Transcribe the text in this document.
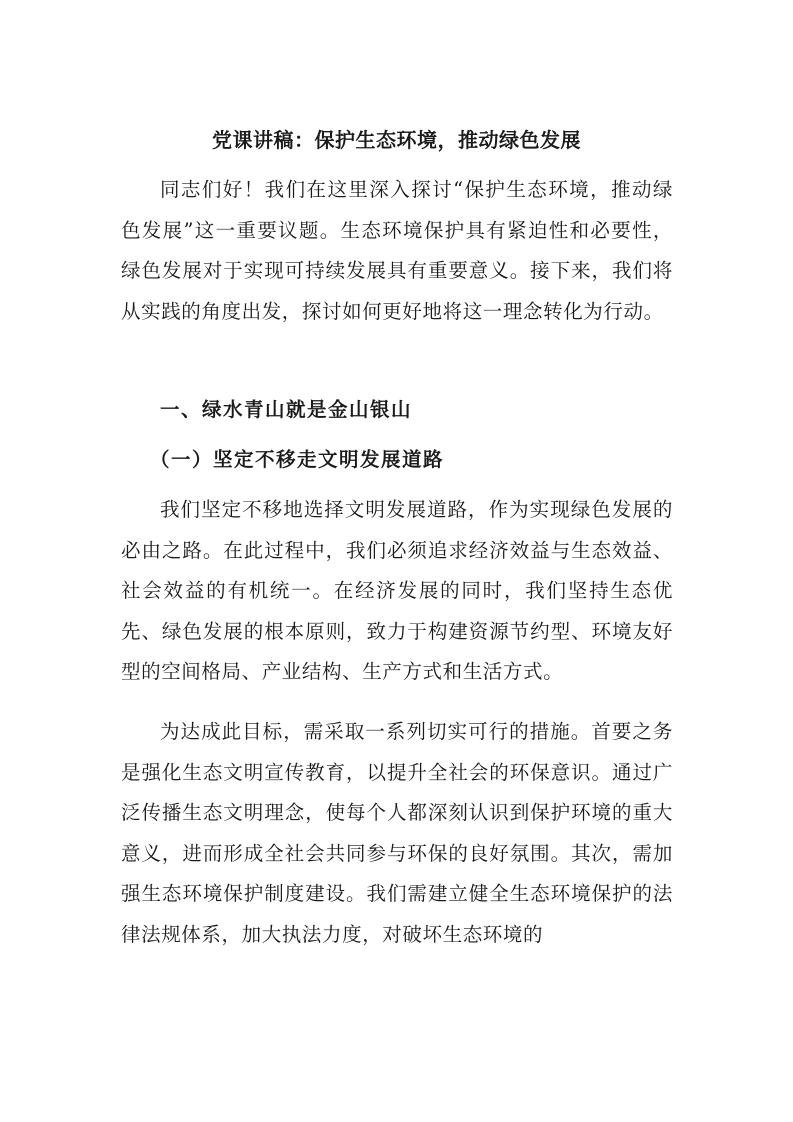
党课讲稿：保护生态环境，推动绿色发展

同志们好！我们在这里深入探讨“保护生态环境，推动绿色发展”这一重要议题。生态环境保护具有紧迫性和必要性，绿色发展对于实现可持续发展具有重要意义。接下来，我们将从实践的角度出发，探讨如何更好地将这一理念转化为行动。

一、绿水青山就是金山银山
（一）坚定不移走文明发展道路

我们坚定不移地选择文明发展道路，作为实现绿色发展的必由之路。在此过程中，我们必须追求经济效益与生态效益、社会效益的有机统一。在经济发展的同时，我们坚持生态优先、绿色发展的根本原则，致力于构建资源节约型、环境友好型的空间格局、产业结构、生产方式和生活方式。

为达成此目标，需采取一系列切实可行的措施。首要之务是强化生态文明宣传教育，以提升全社会的环保意识。通过广泛传播生态文明理念，使每个人都深刻认识到保护环境的重大意义，进而形成全社会共同参与环保的良好氛围。其次，需加强生态环境保护制度建设。我们需建立健全生态环境保护的法律法规体系，加大执法力度，对破坏生态环境的
